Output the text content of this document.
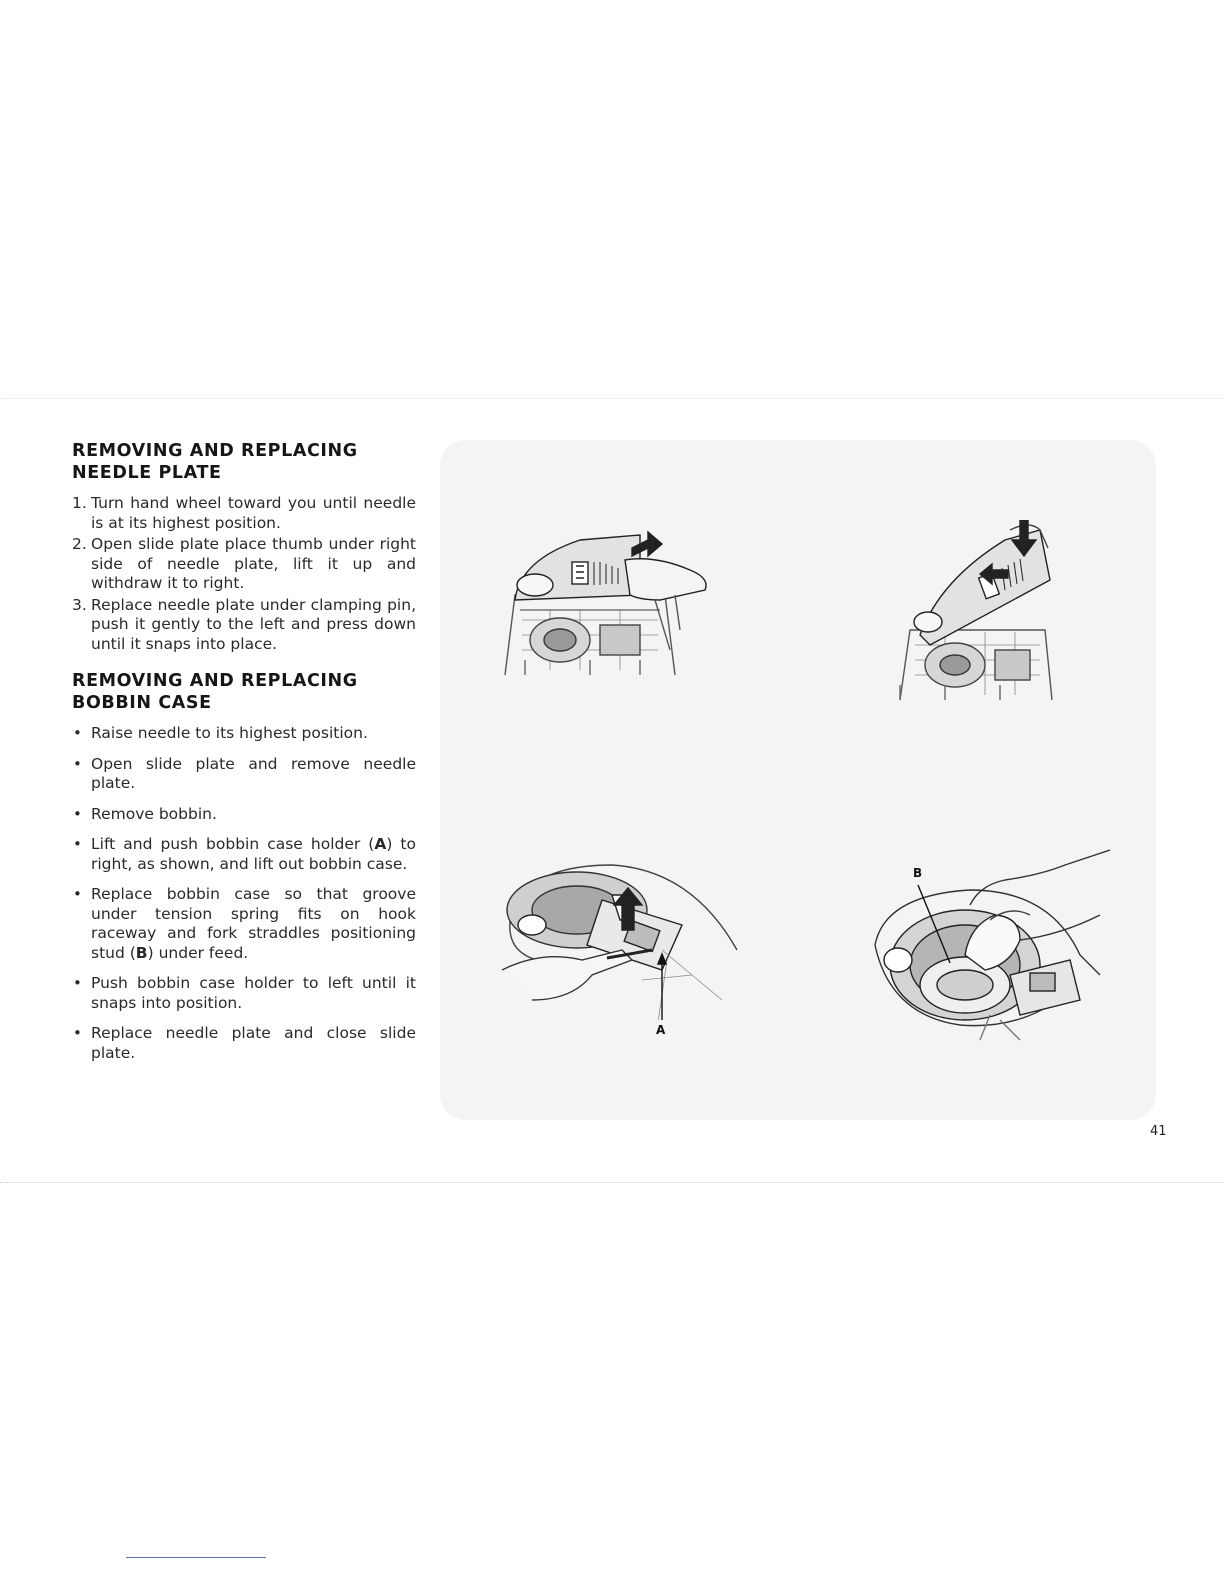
REMOVING AND REPLACING
NEEDLE PLATE
1. Turn hand wheel toward you until needle is at its highest position.
2. Open slide plate place thumb under right side of needle plate, lift it up and withdraw it to right.
3. Replace needle plate under clamping pin, push it gently to the left and press down until it snaps into place.
REMOVING AND REPLACING
BOBBIN CASE
• Raise needle to its highest position.
• Open slide plate and remove needle plate.
• Remove bobbin.
• Lift and push bobbin case holder (A) to right, as shown, and lift out bobbin case.
• Replace bobbin case so that groove under tension spring fits on hook raceway and fork straddles positioning stud (B) under feed.
• Push bobbin case holder to left until it snaps into position.
• Replace needle plate and close slide plate.
A
B
41
